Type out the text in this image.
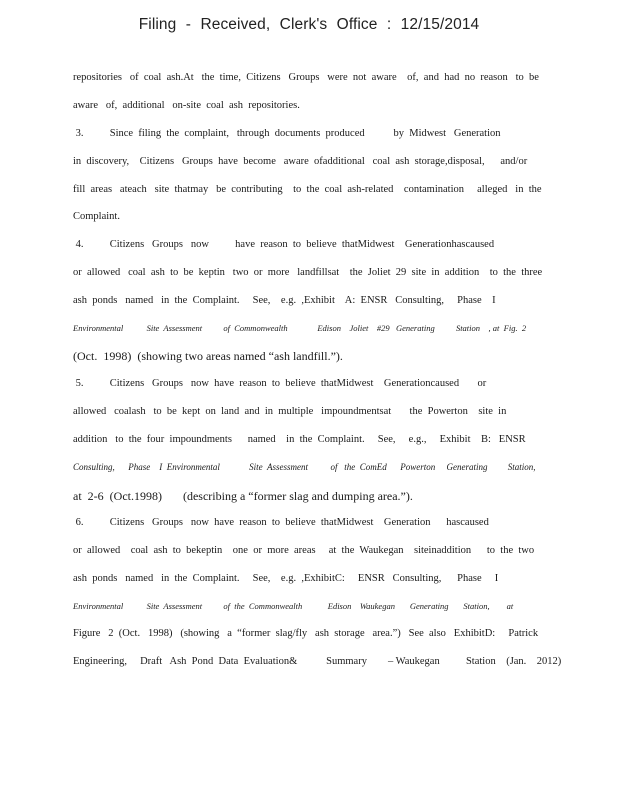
Filing - Received, Clerk's Office : 12/15/2014
repositories   of  coal  ash.At   the  time,  Citizens   Groups   were  not  aware    of,  and  had  no  reason   to  be
aware   of,  additional   on-site  coal  ash  repositories.
3.          Since  filing  the  complaint,   through  documents  produced           by  Midwest   Generation
in  discovery,    Citizens   Groups  have  become   aware  ofadditional   coal  ash  storage,disposal,      and/or
fill  areas   ateach   site  thatmay   be  contributing    to  the  coal  ash-related    contamination     alleged   in  the
Complaint.
4.          Citizens   Groups   now          have  reason  to  believe  thatMidwest    Generationhascaused
or  allowed   coal  ash  to  be  keptin   two  or  more   landfillsat    the  Joliet  29  site  in  addition    to  the  three
ash  ponds   named   in  the  Complaint.     See,    e.g.  ,Exhibit    A:  ENSR   Consulting,     Phase    I
Environmental           Site  Assessment          of  Commonwealth              Edison    Joliet    #29   Generating          Station    , at  Fig.  2
(Oct.  1998)  (showing two areas named “ash landfill.”).
5.          Citizens   Groups   now  have  reason  to  believe  thatMidwest    Generationcaused       or
allowed   coalash   to  be  kept  on  land  and  in  multiple   impoundmentsat       the  Powerton    site  in
addition   to  the  four  impoundments      named    in  the  Complaint.     See,     e.g.,     Exhibit    B:   ENSR
Consulting,      Phase    I  Environmental             Site  Assessment          of   the  ComEd      Powerton     Generating         Station,
at  2-6  (Oct.1998)       (describing a “former slag and dumping area.”).
6.          Citizens   Groups   now  have  reason  to  believe  thatMidwest    Generation      hascaused
or  allowed    coal  ash  to  bekeptin    one  or  more  areas     at  the  Waukegan    siteinaddition      to  the  two
ash  ponds   named   in  the  Complaint.     See,    e.g.  ,ExhibitC:     ENSR   Consulting,      Phase     I
Environmental           Site  Assessment          of  the  Commonwealth            Edison    Waukegan       Generating       Station,        at
Figure   2  (Oct.   1998)   (showing   a  “former  slag/fly   ash  storage   area.”)   See  also   ExhibitD:     Patrick
Engineering,     Draft   Ash  Pond  Data  Evaluation&           Summary        – Waukegan          Station    (Jan.    2012)
